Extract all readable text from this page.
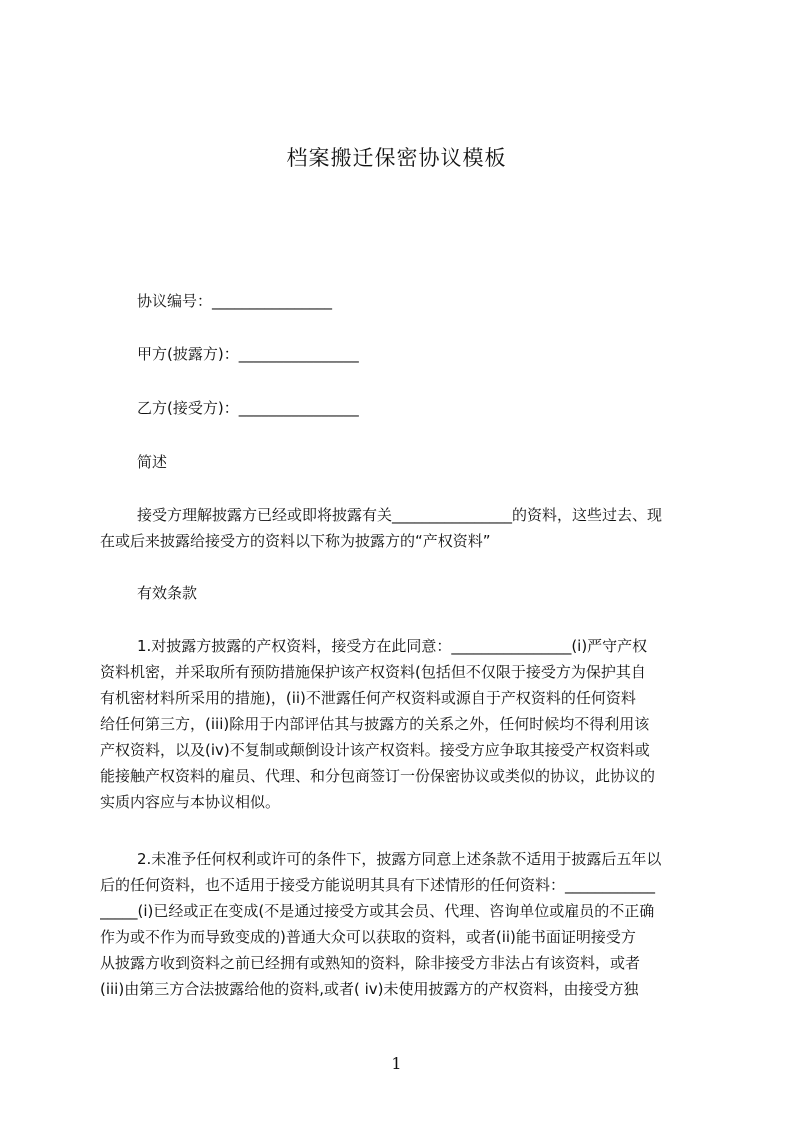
档案搬迁保密协议模板
协议编号：________________
甲方(披露方)：________________
乙方(接受方)：________________
简述
接受方理解披露方已经或即将披露有关________________的资料，这些过去、现
在或后来披露给接受方的资料以下称为披露方的“产权资料”
有效条款
1.对披露方披露的产权资料，接受方在此同意：________________(i)严守产权
资料机密，并采取所有预防措施保护该产权资料(包括但不仅限于接受方为保护其自
有机密材料所采用的措施)，(ii)不泄露任何产权资料或源自于产权资料的任何资料
给任何第三方，(iii)除用于内部评估其与披露方的关系之外，任何时候均不得利用该
产权资料，以及(iv)不复制或颠倒设计该产权资料。接受方应争取其接受产权资料或
能接触产权资料的雇员、代理、和分包商签订一份保密协议或类似的协议，此协议的
实质内容应与本协议相似。
2.未准予任何权利或许可的条件下，披露方同意上述条款不适用于披露后五年以
后的任何资料，也不适用于接受方能说明其具有下述情形的任何资料：____________
_____(i)已经或正在变成(不是通过接受方或其会员、代理、咨询单位或雇员的不正确
作为或不作为而导致变成的)普通大众可以获取的资料，或者(ii)能书面证明接受方
从披露方收到资料之前已经拥有或熟知的资料，除非接受方非法占有该资料，或者
(iii)由第三方合法披露给他的资料,或者( iv)未使用披露方的产权资料，由接受方独
1
